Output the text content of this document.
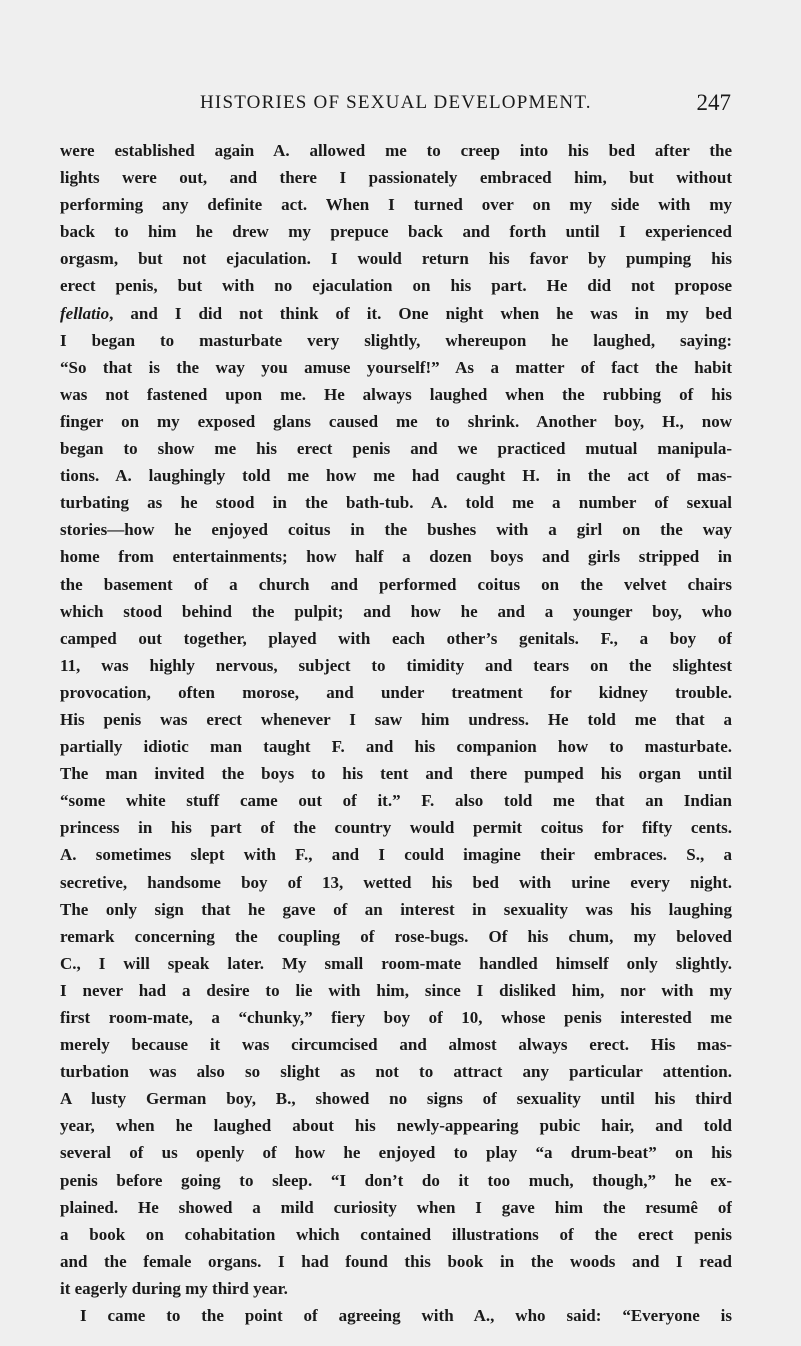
HISTORIES OF SEXUAL DEVELOPMENT.	247
were established again A. allowed me to creep into his bed after the
lights were out, and there I passionately embraced him, but without
performing any definite act. When I turned over on my side with my
back to him he drew my prepuce back and forth until I experienced
orgasm, but not ejaculation. I would return his favor by pumping his
erect penis, but with no ejaculation on his part. He did not propose
fellatio, and I did not think of it. One night when he was in my bed
I began to masturbate very slightly, whereupon he laughed, saying:
“So that is the way you amuse yourself!” As a matter of fact the habit
was not fastened upon me. He always laughed when the rubbing of his
finger on my exposed glans caused me to shrink. Another boy, H., now
began to show me his erect penis and we practiced mutual manipula-
tions. A. laughingly told me how me had caught H. in the act of mas-
turbating as he stood in the bath-tub. A. told me a number of sexual
stories—how he enjoyed coitus in the bushes with a girl on the way
home from entertainments; how half a dozen boys and girls stripped in
the basement of a church and performed coitus on the velvet chairs
which stood behind the pulpit; and how he and a younger boy, who
camped out together, played with each other’s genitals. F., a boy of
11, was highly nervous, subject to timidity and tears on the slightest
provocation, often morose, and under treatment for kidney trouble.
His penis was erect whenever I saw him undress. He told me that a
partially idiotic man taught F. and his companion how to masturbate.
The man invited the boys to his tent and there pumped his organ until
“some white stuff came out of it.” F. also told me that an Indian
princess in his part of the country would permit coitus for fifty cents.
A. sometimes slept with F., and I could imagine their embraces. S., a
secretive, handsome boy of 13, wetted his bed with urine every night.
The only sign that he gave of an interest in sexuality was his laughing
remark concerning the coupling of rose-bugs. Of his chum, my beloved
C., I will speak later. My small room-mate handled himself only slightly.
I never had a desire to lie with him, since I disliked him, nor with my
first room-mate, a “chunky,” fiery boy of 10, whose penis interested me
merely because it was circumcised and almost always erect. His mas-
turbation was also so slight as not to attract any particular attention.
A lusty German boy, B., showed no signs of sexuality until his third
year, when he laughed about his newly-appearing pubic hair, and told
several of us openly of how he enjoyed to play “a drum-beat” on his
penis before going to sleep. “I don’t do it too much, though,” he ex-
plained. He showed a mild curiosity when I gave him the resumê of
a book on cohabitation which contained illustrations of the erect penis
and the female organs. I had found this book in the woods and I read
it eagerly during my third year.
I came to the point of agreeing with A., who said: “Everyone is
